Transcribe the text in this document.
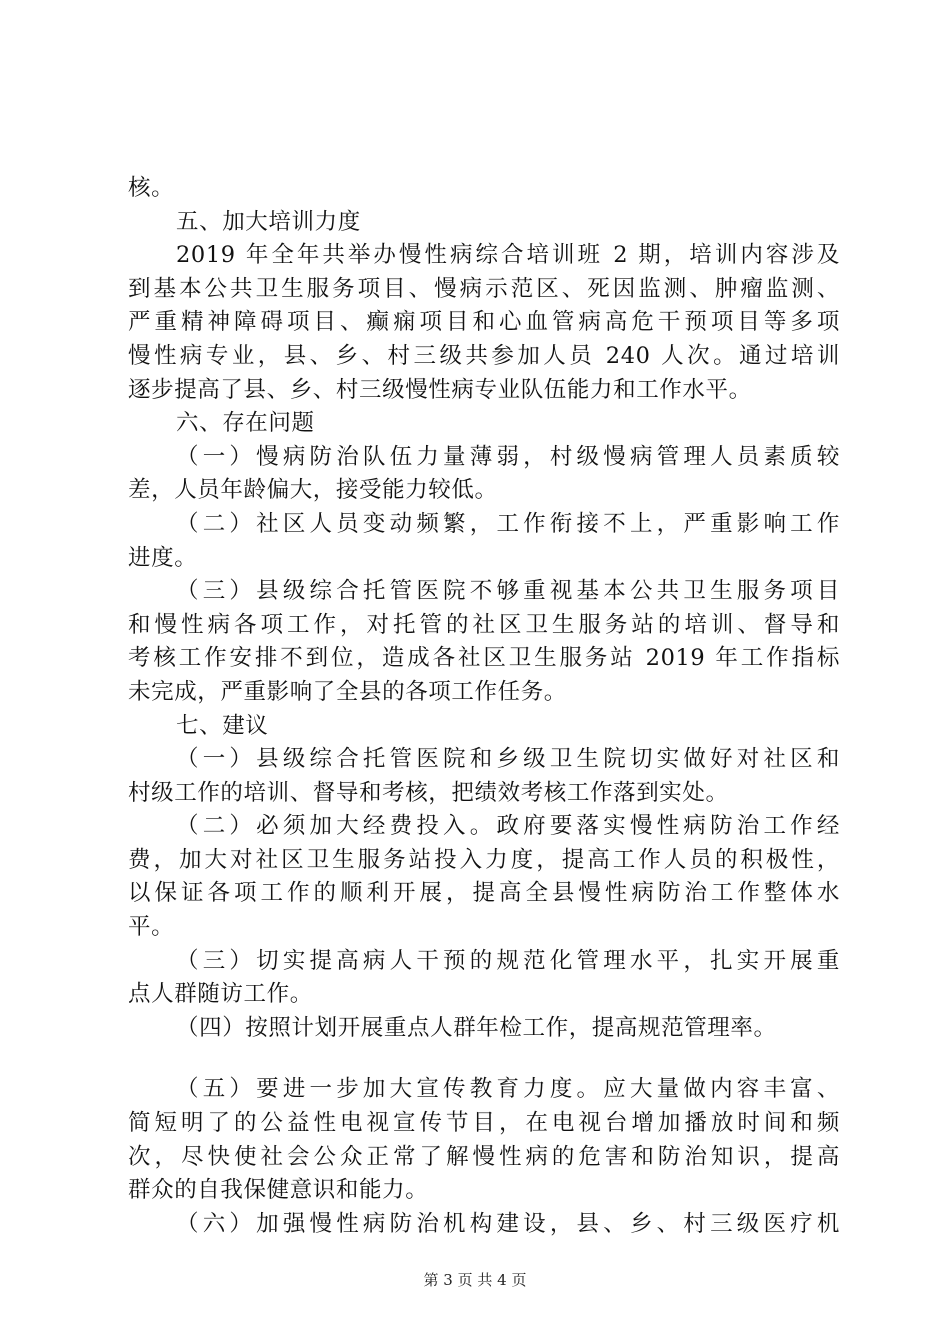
核。
五、加大培训力度
2019 年全年共举办慢性病综合培训班 2 期，培训内容涉及
到基本公共卫生服务项目、慢病示范区、死因监测、肿瘤监测、
严重精神障碍项目、癫痫项目和心血管病高危干预项目等多项
慢性病专业，县、乡、村三级共参加人员 240 人次。通过培训
逐步提高了县、乡、村三级慢性病专业队伍能力和工作水平。
六、存在问题
（一）慢病防治队伍力量薄弱，村级慢病管理人员素质较
差，人员年龄偏大，接受能力较低。
（二）社区人员变动频繁，工作衔接不上，严重影响工作
进度。
（三）县级综合托管医院不够重视基本公共卫生服务项目
和慢性病各项工作，对托管的社区卫生服务站的培训、督导和
考核工作安排不到位，造成各社区卫生服务站 2019 年工作指标
未完成，严重影响了全县的各项工作任务。
七、建议
（一）县级综合托管医院和乡级卫生院切实做好对社区和
村级工作的培训、督导和考核，把绩效考核工作落到实处。
（二）必须加大经费投入。政府要落实慢性病防治工作经
费，加大对社区卫生服务站投入力度，提高工作人员的积极性，
以保证各项工作的顺利开展，提高全县慢性病防治工作整体水
平。
（三）切实提高病人干预的规范化管理水平，扎实开展重
点人群随访工作。
（四）按照计划开展重点人群年检工作，提高规范管理率。
（五）要进一步加大宣传教育力度。应大量做内容丰富、
简短明了的公益性电视宣传节目，在电视台增加播放时间和频
次，尽快使社会公众正常了解慢性病的危害和防治知识，提高
群众的自我保健意识和能力。
（六）加强慢性病防治机构建设，县、乡、村三级医疗机
第 3 页 共 4 页
